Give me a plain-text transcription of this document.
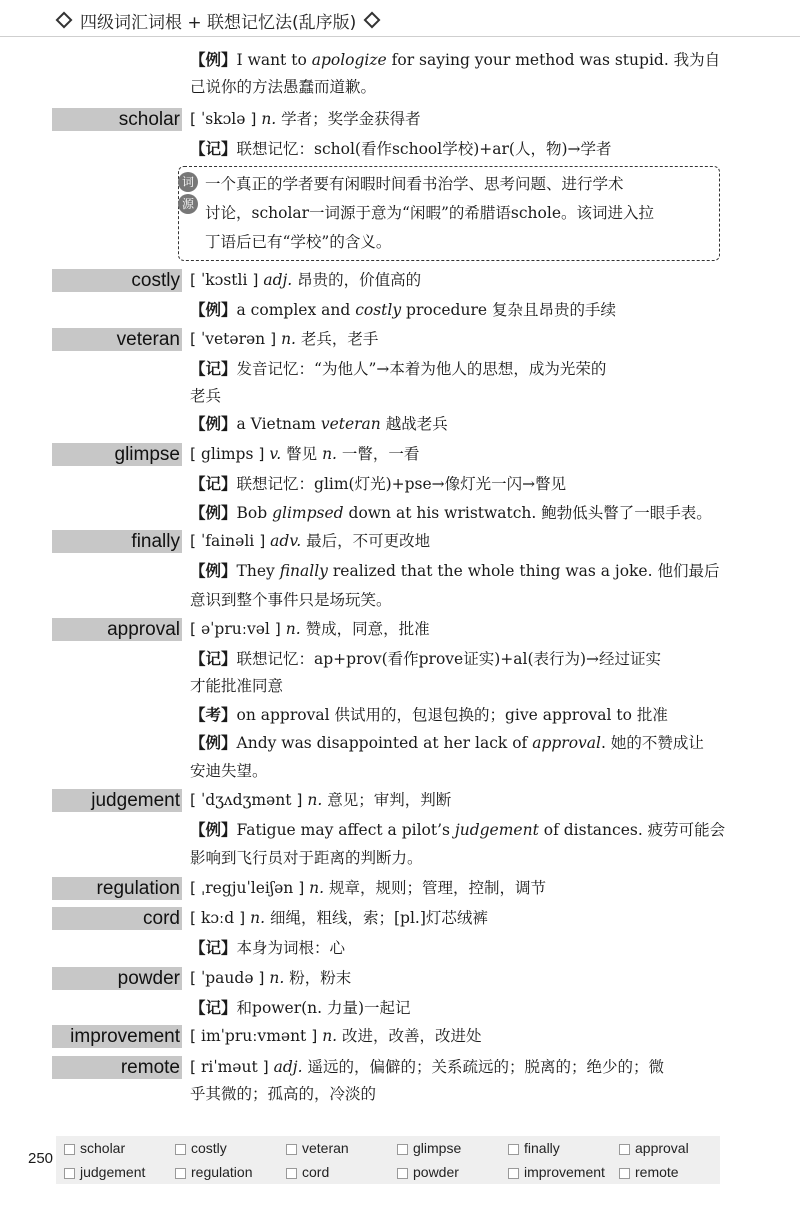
四级词汇词根 + 联想记忆法(乱序版)
【例】I want to apologize for saying your method was stupid. 我为自
己说你的方法愚蠢而道歉。
scholar [ ˈskɔlə ] n. 学者；奖学金获得者
【记】联想记忆：schol(看作school学校)+ar(人，物)→学者
costly [ ˈkɔstli ] adj. 昂贵的，价值高的
【例】a complex and costly procedure 复杂且昂贵的手续
veteran [ ˈvetərən ] n. 老兵，老手
【记】发音记忆：“为他人”→本着为他人的思想，成为光荣的
老兵
【例】a Vietnam veteran 越战老兵
glimpse [ glimps ] v. 瞥见 n. 一瞥，一看
【记】联想记忆：glim(灯光)+pse→像灯光一闪→瞥见
【例】Bob glimpsed down at his wristwatch. 鲍勃低头瞥了一眼手表。
finally [ ˈfainəli ] adv. 最后，不可更改地
【例】They finally realized that the whole thing was a joke. 他们最后
意识到整个事件只是场玩笑。
approval [ əˈpruːvəl ] n. 赞成，同意，批准
【记】联想记忆：ap+prov(看作prove证实)+al(表行为)→经过证实
才能批准同意
【考】on approval 供试用的，包退包换的；give approval to 批准
【例】Andy was disappointed at her lack of approval. 她的不赞成让
安迪失望。
judgement [ ˈdʒʌdʒmənt ] n. 意见；审判，判断
【例】Fatigue may affect a pilot’s judgement of distances. 疲劳可能会
影响到飞行员对于距离的判断力。
regulation [ ˌregjuˈleiʃən ] n. 规章，规则；管理，控制，调节
cord [ kɔːd ] n. 细绳，粗线，索；[pl.]灯芯绒裤
【记】本身为词根：心
powder [ ˈpaudə ] n. 粉，粉末
【记】和power(n. 力量)一起记
improvement [ imˈpruːvmənt ] n. 改进，改善，改进处
remote [ riˈməut ] adj. 遥远的，偏僻的；关系疏远的；脱离的；绝少的；微
乎其微的；孤高的，冷淡的
词
源
一个真正的学者要有闲暇时间看书治学、思考问题、进行学术
讨论，scholar一词源于意为“闲暇”的希腊语schole。该词进入拉
丁语后已有“学校”的含义。
250
scholar	costly	veteran	glimpse	finally	approval
judgement	regulation	cord	powder	improvement	remote
